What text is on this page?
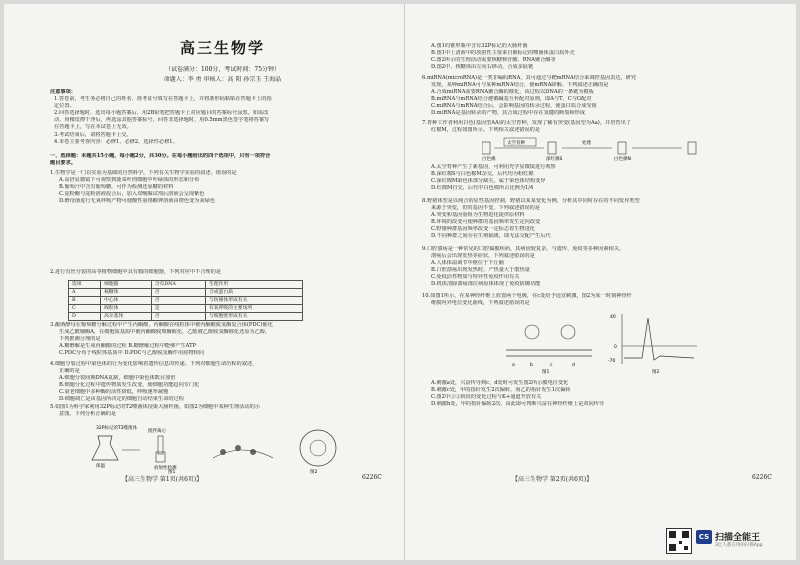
高三生物学
（试卷满分：100分，考试时间：75分钟）
命题人：李 勇 审核人：高 阳 孙宗玉 王海晶
注意事项：
1.答卷前，考生务必将自己的姓名、准考证号填写在答题卡上，并将条形码粘贴在答题卡上的指
定位置。
2.回答选择题时，选出每小题答案后，用2B铅笔把答题卡上对应题目的答案标号涂黑。如需改
动，用橡皮擦干净后，再选涂其他答案标号。回答非选择题时，用0.5mm黑色签字笔将答案写
在答题卡上，写在本试卷上无效。
3.考试结束后，请将答题卡上交。
4.本卷主要考查内容：必修1、必修2，选择性必修1。
一、选择题：本题共15小题，每小题2分，共30分。在每小题给出的四个选项中，只有一项符合
题目要求。
1.生物学是一门以实验为基础的自然科学，下列有关生物学实验的叙述，错误的是
A.高倍显微镜下可观察到菠菜叶肉细胞中叶绿体的形态和分布
B.葡萄汁中含有葡萄糖，可作为检测还原糖的材料
C.淀粉酶与淀粉溶液混合后，加入双缩脲试剂后溶液会呈现紫色
D.酵母菌进行无氧呼吸产物可使酸性重铬酸钾溶液由橙色变为灰绿色
2.进行有丝分裂的高等植物细胞中具有膜的细胞器，下列对应中不合理的是
选项	细胞器	含有DNA	生理作用
A	核糖体	否	合成蛋白质
B	中心体	否	与纺锤体形成有关
C	线粒体	是	有氧呼吸的主要场所
D	高尔基体	否	与细胞壁形成有关
3.酿酒酵母在葡萄糖分解过程中产生丙酮酸，丙酮酸在线粒体中被丙酮酸脱氢酶复合体(PDC)催化
生成乙酰辅酶A，在细胞质基质中被丙酮酸脱羧酶催化，乙醛被乙醇脱氢酶催化还原为乙醇，
下列推测合理的是
A.糖酵解是生成丙酮酸的过程 B.糖酵解过程中能够产生ATP
C.PDC分布于线粒体基质中 D.PDC与乙醇脱氢酶作用底物相同
4.细胞分裂过程中染色体的行为变化影响着遗传信息的传递。下列对细胞生命历程的叙述，
正确的是
A.细胞分裂间期DNA复制，细胞中染色体数目加倍
B.细胞分化过程中遗传物质发生改变，使细胞功能趋向专门化
C.衰老细胞中多种酶的活性降低，呼吸速率减慢
D.细胞凋亡是由基因所决定的细胞自动结束生命的过程
5.如图1为科学家利用32P标记的T2噬菌体侵染大肠杆菌，如图2为细胞中某种生理活动的示
意图。下列分析正确的是
32P标记的T2噬菌体
保温
搅拌离心
放射性检测
图1	图2
【高三生物学 第1页(共6页)】	6226C
A.图1的锥形瓶中含有32P标记的大肠杆菌
B.图1中上清液中的放射性主要来自被标记的噬菌体蛋白质外壳
C.图2所示的生理活动需要核糖核苷酸、RNA聚合酶等
D.图2中，核糖体由左向右移动，合成多肽链
6.miRNA(microRNA)是一类非编码RNA，其可通过与靶mRNA结合来调控基因表达，研究
发现，某种miRNA可与某种mRNA结合，使mRNA降解。下列叙述正确的是
A.合成miRNA需要RNA聚合酶的催化，该过程以DNA的一条链为模板
B.miRNA与mRNA结合遵循碱基互补配对原则，即A与T、C与G配对
C.miRNA与mRNA结合后，会影响基因的转录过程，使蛋白质合成受阻
D.miRNA是基因转录的产物，其合成过程中存在氢键的断裂和形成
7.育种工作者利用白色(基因型AA)的太空育种，发现了稀有突变(基因型为Aa)，并培育出了
红棉M，过程如图所示。下列相关叙述错误的是
白色棉
太空育种
深红棉S
处理
白色棉N
A.太空育种产生了新基因，可利用光学显微镜进行观察
B.深红棉S与白色棉M杂交，后代均为粉红棉
C.深红棉M染色体部分缺失，属于染色体结构变异
D.红棉M自交，后代中白色棉所占比例为1/4
8.野猪体型是以纯合的显性基因控制，野猪以某某变化为例，分析其中同时存在的不同变异类型
来源于突变，但的基因不变，下列叙述错误的是
A.突变和基因重组为生物进化提供原材料
B.环境的改变可使种群的基因频率发生定向改变
C.野猪种群基因频率改变一定标志着生物进化
D.不同种群之间存在生殖隔离，即无法交配产生后代
9.口腔溃疡是一种常见的口腔黏膜疾病，其病因较复杂，与遗传、免疫等多种因素相关。
溃疡后会出现发热等症状，下列叙述错误的是
A.人体体温调节中枢位于下丘脑
B.口腔溃疡出现发热时，产热量大于散热量
C.免疫活性物质与特异性免疫作用有关
D.机体清除溃疡部位病原体体现了免疫防御功能
10.如图1所示，在某神经纤维上放置两个电极，在c处给予适宜刺激，图2为某一时刻神经纤
维膜内外电位变化曲线，下列叙述错误的是
a	b	c	d
图1
40
0
-70
图2
A.刺激a处，兴奋传导到c、d处时可发生图2所示膜电位变化
B.刺激c处，甲的指针发生2次偏转，而乙的指针发生1次偏转
C.图2中②③阶段的变化过程与K+通道开放有关
D.刺激b处，甲的指针偏转2次，由此即可判断兴奋在神经纤维上是双向传导
【高三生物学 第2页(共6页)】	6226C
CS 扫描全能王
3亿人都在用的扫描App
